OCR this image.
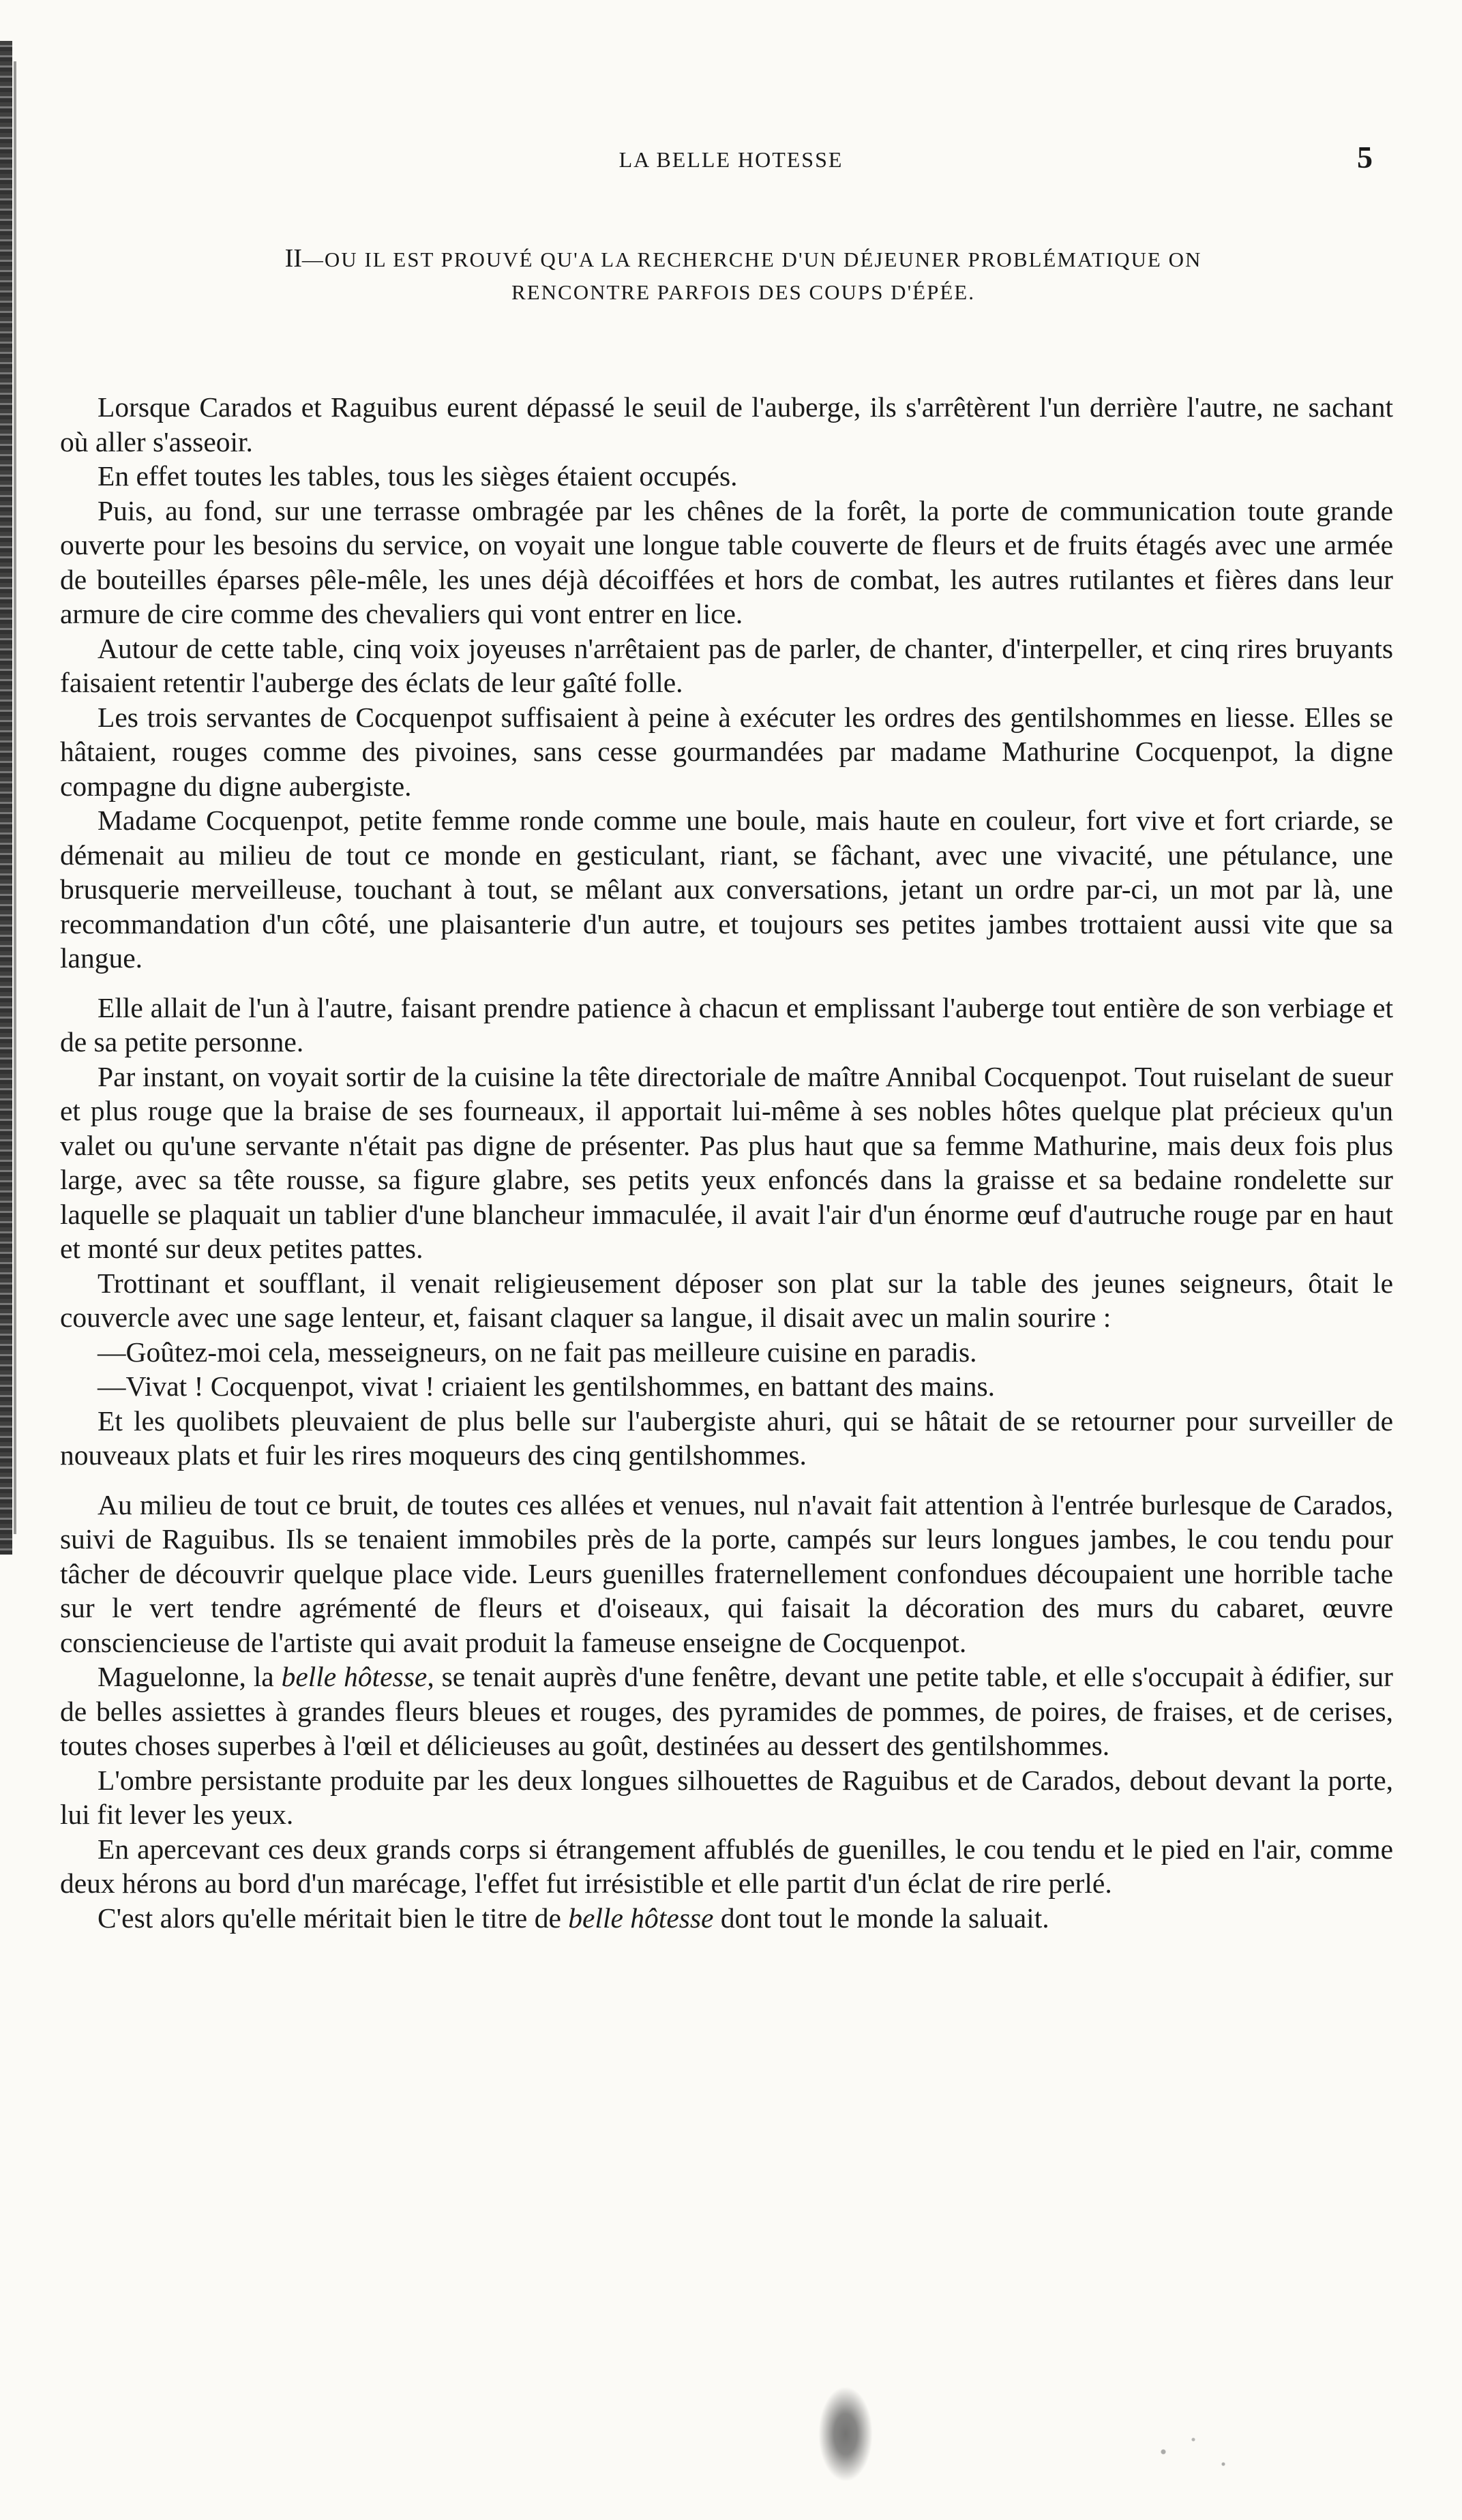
LA BELLE HOTESSE	5
II—OU IL EST PROUVÉ QU'A LA RECHERCHE D'UN DÉJEUNER PROBLÉMATIQUE ON
RENCONTRE PARFOIS DES COUPS D'ÉPÉE.

Lorsque Carados et Raguibus eurent dépassé le seuil de l'auberge, ils s'arrêtèrent l'un derrière l'autre, ne sachant où aller s'asseoir.

En effet toutes les tables, tous les sièges étaient occupés.

Puis, au fond, sur une terrasse ombragée par les chênes de la forêt, la porte de communication toute grande ouverte pour les besoins du service, on voyait une longue table couverte de fleurs et de fruits étagés avec une armée de bouteilles éparses pêle-mêle, les unes déjà décoiffées et hors de combat, les autres rutilantes et fières dans leur armure de cire comme des chevaliers qui vont entrer en lice.

Autour de cette table, cinq voix joyeuses n'arrêtaient pas de parler, de chanter, d'interpeller, et cinq rires bruyants faisaient retentir l'auberge des éclats de leur gaîté folle.

Les trois servantes de Cocquenpot suffisaient à peine à exécuter les ordres des gentilshommes en liesse. Elles se hâtaient, rouges comme des pivoines, sans cesse gourmandées par madame Mathurine Cocquenpot, la digne compagne du digne aubergiste.

Madame Cocquenpot, petite femme ronde comme une boule, mais haute en couleur, fort vive et fort criarde, se démenait au milieu de tout ce monde en gesticulant, riant, se fâchant, avec une vivacité, une pétulance, une brusquerie merveilleuse, touchant à tout, se mêlant aux conversations, jetant un ordre par-ci, un mot par là, une recommandation d'un côté, une plaisanterie d'un autre, et toujours ses petites jambes trottaient aussi vite que sa langue.

Elle allait de l'un à l'autre, faisant prendre patience à chacun et emplissant l'auberge tout entière de son verbiage et de sa petite personne.

Par instant, on voyait sortir de la cuisine la tête directoriale de maître Annibal Cocquenpot. Tout ruiselant de sueur et plus rouge que la braise de ses fourneaux, il apportait lui-même à ses nobles hôtes quelque plat précieux qu'un valet ou qu'une servante n'était pas digne de présenter. Pas plus haut que sa femme Mathurine, mais deux fois plus large, avec sa tête rousse, sa figure glabre, ses petits yeux enfoncés dans la graisse et sa bedaine rondelette sur laquelle se plaquait un tablier d'une blancheur immaculée, il avait l'air d'un énorme œuf d'autruche rouge par en haut et monté sur deux petites pattes.

Trottinant et soufflant, il venait religieusement déposer son plat sur la table des jeunes seigneurs, ôtait le couvercle avec une sage lenteur, et, faisant claquer sa langue, il disait avec un malin sourire :

—Goûtez-moi cela, messeigneurs, on ne fait pas meilleure cuisine en paradis.

—Vivat ! Cocquenpot, vivat ! criaient les gentilshommes, en battant des mains.

Et les quolibets pleuvaient de plus belle sur l'aubergiste ahuri, qui se hâtait de se retourner pour surveiller de nouveaux plats et fuir les rires moqueurs des cinq gentilshommes.

Au milieu de tout ce bruit, de toutes ces allées et venues, nul n'avait fait attention à l'entrée burlesque de Carados, suivi de Raguibus. Ils se tenaient immobiles près de la porte, campés sur leurs longues jambes, le cou tendu pour tâcher de découvrir quelque place vide. Leurs guenilles fraternellement confondues découpaient une horrible tache sur le vert tendre agrémenté de fleurs et d'oiseaux, qui faisait la décoration des murs du cabaret, œuvre consciencieuse de l'artiste qui avait produit la fameuse enseigne de Cocquenpot.

Maguelonne, la belle hôtesse, se tenait auprès d'une fenêtre, devant une petite table, et elle s'occupait à édifier, sur de belles assiettes à grandes fleurs bleues et rouges, des pyramides de pommes, de poires, de fraises, et de cerises, toutes choses superbes à l'œil et délicieuses au goût, destinées au dessert des gentilshommes.

L'ombre persistante produite par les deux longues silhouettes de Raguibus et de Carados, debout devant la porte, lui fit lever les yeux.

En apercevant ces deux grands corps si étrangement affublés de guenilles, le cou tendu et le pied en l'air, comme deux hérons au bord d'un marécage, l'effet fut irrésistible et elle partit d'un éclat de rire perlé.

C'est alors qu'elle méritait bien le titre de belle hôtesse dont tout le monde la saluait.
